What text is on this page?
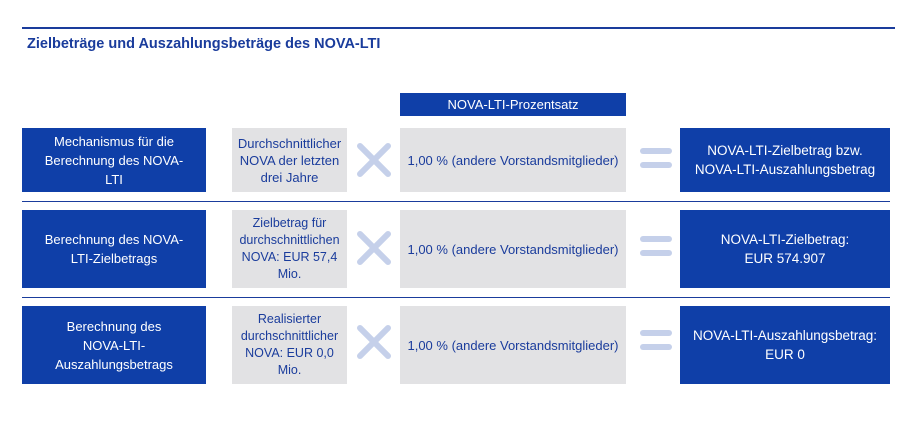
Zielbeträge und Auszahlungsbeträge des NOVA-LTI
NOVA-LTI-Prozentsatz
Mechanismus für die Berechnung des NOVA-LTI
Durchschnittlicher NOVA der letzten drei Jahre
1,00 % (andere Vorstandsmitglieder)
NOVA-LTI-Zielbetrag bzw. NOVA-LTI-Auszahlungsbetrag
Berechnung des NOVA-LTI-Zielbetrags
Zielbetrag für durchschnittlichen NOVA: EUR 57,4 Mio.
1,00 % (andere Vorstandsmitglieder)
NOVA-LTI-Zielbetrag: EUR 574.907
Berechnung des NOVA-LTI-Auszahlungsbetrags
Realisierter durchschnittlicher NOVA: EUR 0,0 Mio.
1,00 % (andere Vorstandsmitglieder)
NOVA-LTI-Auszahlungsbetrag: EUR 0
